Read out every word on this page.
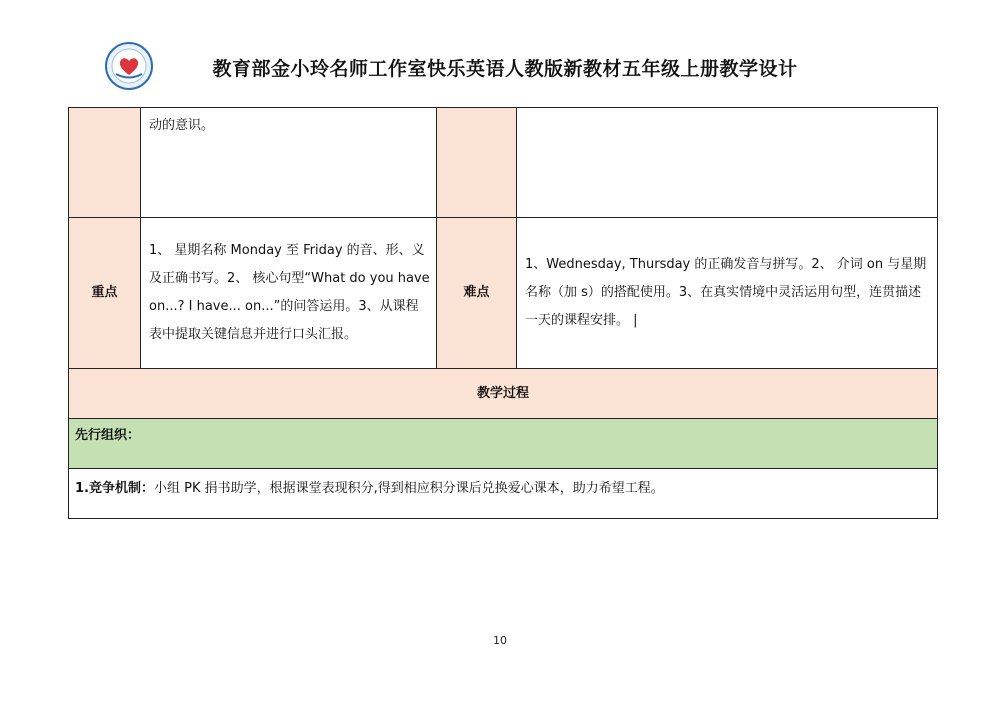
教育部金小玲名师工作室快乐英语人教版新教材五年级上册教学设计
	动的意识。		
重点	1、 星期名称 Monday 至 Friday 的音、形、义及正确书写。2、 核心句型“What do you have on...? I have... on...”的问答运用。3、从课程表中提取关键信息并进行口头汇报。	难点	1、Wednesday, Thursday 的正确发音与拼写。2、 介词 on 与星期名称（加 s）的搭配使用。3、在真实情境中灵活运用句型，连贯描述一天的课程安排。 |
教学过程			
先行组织：			
1.竞争机制：小组 PK 捐书助学，根据课堂表现积分,得到相应积分课后兑换爱心课本，助力希望工程。			
10
